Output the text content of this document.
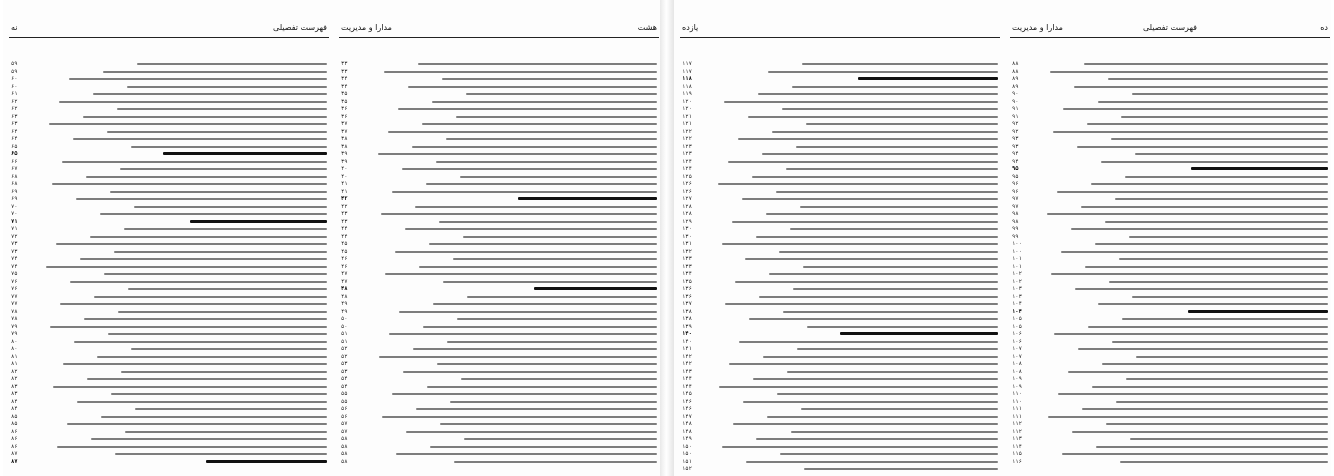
نه	فهرست تفصیلی
۵۹
۵۹
۶۰
۶۰
۶۱
۶۲
۶۲
۶۳
۶۳
۶۴
۶۴
۶۵
۶۵
۶۶
۶۷
۶۸
۶۸
۶۹
۶۹
۷۰
۷۰
۷۱
۷۱
۷۲
۷۳
۷۳
۷۴
۷۴
۷۵
۷۶
۷۶
۷۷
۷۷
۷۸
۷۸
۷۹
۷۹
۸۰
۸۰
۸۱
۸۱
۸۲
۸۲
۸۳
۸۳
۸۴
۸۴
۸۵
۸۵
۸۶
۸۶
۸۶
۸۷
۸۷
مدارا و مدیریت	هشت
۳۳
۳۳
۳۴
۳۴
۳۵
۳۵
۳۶
۳۶
۳۷
۳۷
۳۸
۳۸
۳۹
۳۹
۴۰
۴۰
۴۱
۴۱
۴۲
۴۲
۴۳
۴۳
۴۴
۴۴
۴۵
۴۵
۴۶
۴۶
۴۷
۴۷
۴۸
۴۸
۴۹
۴۹
۵۰
۵۰
۵۱
۵۱
۵۲
۵۲
۵۳
۵۳
۵۴
۵۴
۵۵
۵۵
۵۶
۵۶
۵۷
۵۷
۵۸
۵۸
۵۸
۵۸
یازده
۱۱۷
۱۱۷
۱۱۸
۱۱۸
۱۱۹
۱۲۰
۱۲۰
۱۲۱
۱۲۱
۱۲۲
۱۲۲
۱۲۳
۱۲۳
۱۲۴
۱۲۴
۱۲۵
۱۲۶
۱۲۶
۱۲۷
۱۲۸
۱۲۸
۱۲۹
۱۳۰
۱۳۰
۱۳۱
۱۳۲
۱۳۳
۱۳۳
۱۳۴
۱۳۵
۱۳۶
۱۳۶
۱۳۷
۱۳۸
۱۳۸
۱۳۹
۱۴۰
۱۴۰
۱۴۱
۱۴۲
۱۴۲
۱۴۳
۱۴۴
۱۴۴
۱۴۵
۱۴۶
۱۴۶
۱۴۷
۱۴۸
۱۴۸
۱۴۹
۱۵۰
۱۵۰
۱۵۱
۱۵۲
مدارا و مدیریت	فهرست تفصیلی	ده
۸۸
۸۸
۸۹
۸۹
۹۰
۹۰
۹۱
۹۱
۹۲
۹۲
۹۳
۹۳
۹۴
۹۴
۹۵
۹۵
۹۶
۹۶
۹۷
۹۷
۹۸
۹۸
۹۹
۹۹
۱۰۰
۱۰۰
۱۰۱
۱۰۱
۱۰۲
۱۰۲
۱۰۳
۱۰۳
۱۰۴
۱۰۴
۱۰۵
۱۰۵
۱۰۶
۱۰۶
۱۰۷
۱۰۷
۱۰۸
۱۰۸
۱۰۹
۱۰۹
۱۱۰
۱۱۰
۱۱۱
۱۱۱
۱۱۲
۱۱۲
۱۱۳
۱۱۴
۱۱۵
۱۱۶
